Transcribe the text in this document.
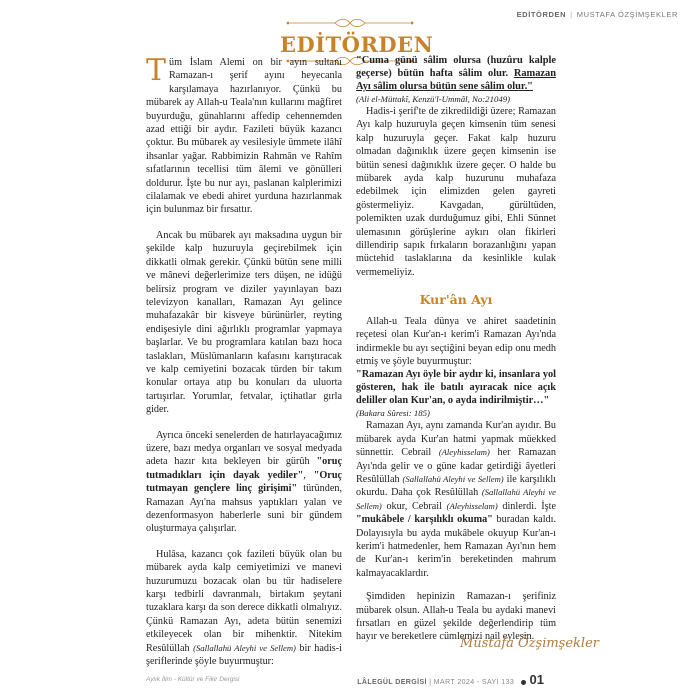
EDİTÖRDEN | MUSTAFA ÖZŞİMŞEKLER
EDİTÖRDEN

Tüm İslam Alemi on bir ayın sultanı Ramazan-ı şerif ayını heyecanla karşılamaya hazırlanıyor. Çünkü bu mübarek ay Allah-u Teala'nın kullarını mağfiret buyurduğu, günahlarını affedip cehennemden azad ettiği bir aydır. Fazileti büyük kazancı çoktur. Bu mübarek ay vesilesiyle ümmete ilâhî ihsanlar yağar. Rabbimizin Rahmân ve Rahîm sıfatlarının tecellisi tüm âlemi ve gönülleri doldurur. İşte bu nur ayı, paslanan kalplerimizi cilalamak ve ebedi ahiret yurduna hazırlanmak için bulunmaz bir fırsattır.

Ancak bu mübarek ayı maksadına uygun bir şekilde kalp huzuruyla geçirebilmek için dikkatli olmak gerekir. Çünkü bütün sene milli ve mânevi değerlerimize ters düşen, ne idüğü belirsiz program ve diziler yayınlayan bazı televizyon kanalları, Ramazan Ayı gelince muhafazakâr bir kisveye bürünürler, reyting endişesiyle dini ağırlıklı programlar yapmaya başlarlar. Ve bu programlara katılan bazı hoca taslakları, Müslümanların kafasını karıştıracak ve kalp cemiyetini bozacak türden bir takım konular ortaya atıp bu konuları da uluorta tartışırlar. Yorumlar, fetvalar, içtihatlar gırla gider.

Ayrıca önceki senelerden de hatırlayacağımız üzere, bazı medya organları ve sosyal medyada adeta hazır kıta bekleyen bir gürûh "oruç tutmadıkları için dayak yediler", "Oruç tutmayan gençlere linç girişimi" türünden, Ramazan Ayı'na mahsus yaptıkları yalan ve dezenformasyon haberlerle suni bir gündem oluşturmaya çalışırlar.

Hulâsa, kazancı çok fazileti büyük olan bu mübarek ayda kalp cemiyetimizi ve manevi huzurumuzu bozacak olan bu tür hadiselere karşı tedbirli davranmalı, birtakım şeytani tuzaklara karşı da son derece dikkatli olmalıyız. Çünkü Ramazan Ayı, adeta bütün senemizi etkileyecek olan bir mihenktir. Nitekim Resûlüllah (Sallallahü Aleyhi ve Sellem) bir hadis-i şeriflerinde şöyle buyurmuştur:

"Cuma günü sâlim olursa (huzûru kalple geçerse) bütün hafta sâlim olur. Ramazan Ayı sâlim olursa bütün sene sâlim olur."

(Ali el-Müttakî, Kenzü'l-Ummâl, No:21049)

Hadis-i şerif'te de zikredildiği üzere; Ramazan Ayı kalp huzuruyla geçen kimsenin tüm senesi kalp huzuruyla geçer. Fakat kalp huzuru olmadan dağınıklık üzere geçen kimsenin ise bütün senesi dağınıklık üzere geçer. O halde bu mübarek ayda kalp huzurunu muhafaza edebilmek için elimizden gelen gayreti göstermeliyiz. Kavgadan, gürültüden, polemikten uzak durduğumuz gibi, Ehli Sünnet ulemasının görüşlerine aykırı olan fikirleri dillendirip sapık fırkaların borazanlığını yapan müctehid taslaklarına da kesinlikle kulak vermemeliyiz.

Kur'ân Ayı

Allah-u Teala dünya ve ahiret saadetinin reçetesi olan Kur'an-ı kerim'i Ramazan Ayı'nda indirmekle bu ayı seçtiğini beyan edip onu medh etmiş ve şöyle buyurmuştur:

"Ramazan Ayı öyle bir aydır ki, insanlara yol gösteren, hak ile batılı ayıracak nice açık deliller olan Kur'an, o ayda indirilmiştir…"

(Bakara Sûresi: 185)

Ramazan Ayı, aynı zamanda Kur'an ayıdır. Bu mübarek ayda Kur'an hatmi yapmak müekked sünnettir. Cebrail (Aleyhisselam) her Ramazan Ayı'nda gelir ve o güne kadar getirdiği âyetleri Resûlüllah (Sallallahü Aleyhi ve Sellem) ile karşılıklı okurdu. Daha çok Resûlüllah (Sallallahü Aleyhi ve Sellem) okur, Cebrail (Aleyhisselam) dinlerdi. İşte "mukâbele / karşılıklı okuma" buradan kaldı. Dolayısıyla bu ayda mukâbele okuyup Kur'an-ı kerim'i hatmedenler, hem Ramazan Ayı'nın hem de Kur'an-ı kerim'in bereketinden mahrum kalmayacaklardır.

Şimdiden hepinizin Ramazan-ı şerifiniz mübarek olsun. Allah-u Teala bu aydaki manevi fırsatları en güzel şekilde değerlendirip tüm hayır ve bereketlere cümlemizi nail eylesin.

Mustafa Özşimşekler
Aylık İlim - Kültür ve Fikir Dergisi	LÂLEGÜL DERGİSİ | MART 2024 - SAYI 133 01
